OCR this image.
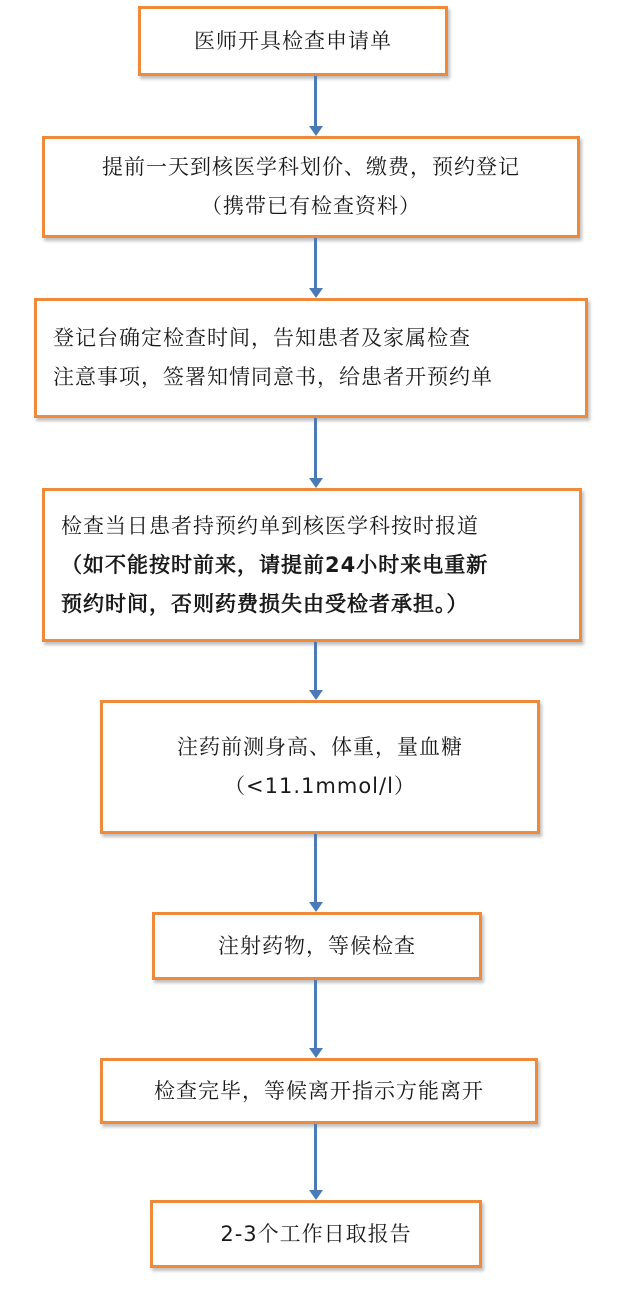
医师开具检查申请单
提前一天到核医学科划价、缴费，预约登记
（携带已有检查资料）
登记台确定检查时间，告知患者及家属检查
注意事项，签署知情同意书，给患者开预约单
检查当日患者持预约单到核医学科按时报道
（如不能按时前来，请提前24小时来电重新
预约时间，否则药费损失由受检者承担。）
注药前测身高、体重，量血糖
（<11.1mmol/l）
注射药物，等候检查
检查完毕，等候离开指示方能离开
2-3个工作日取报告
